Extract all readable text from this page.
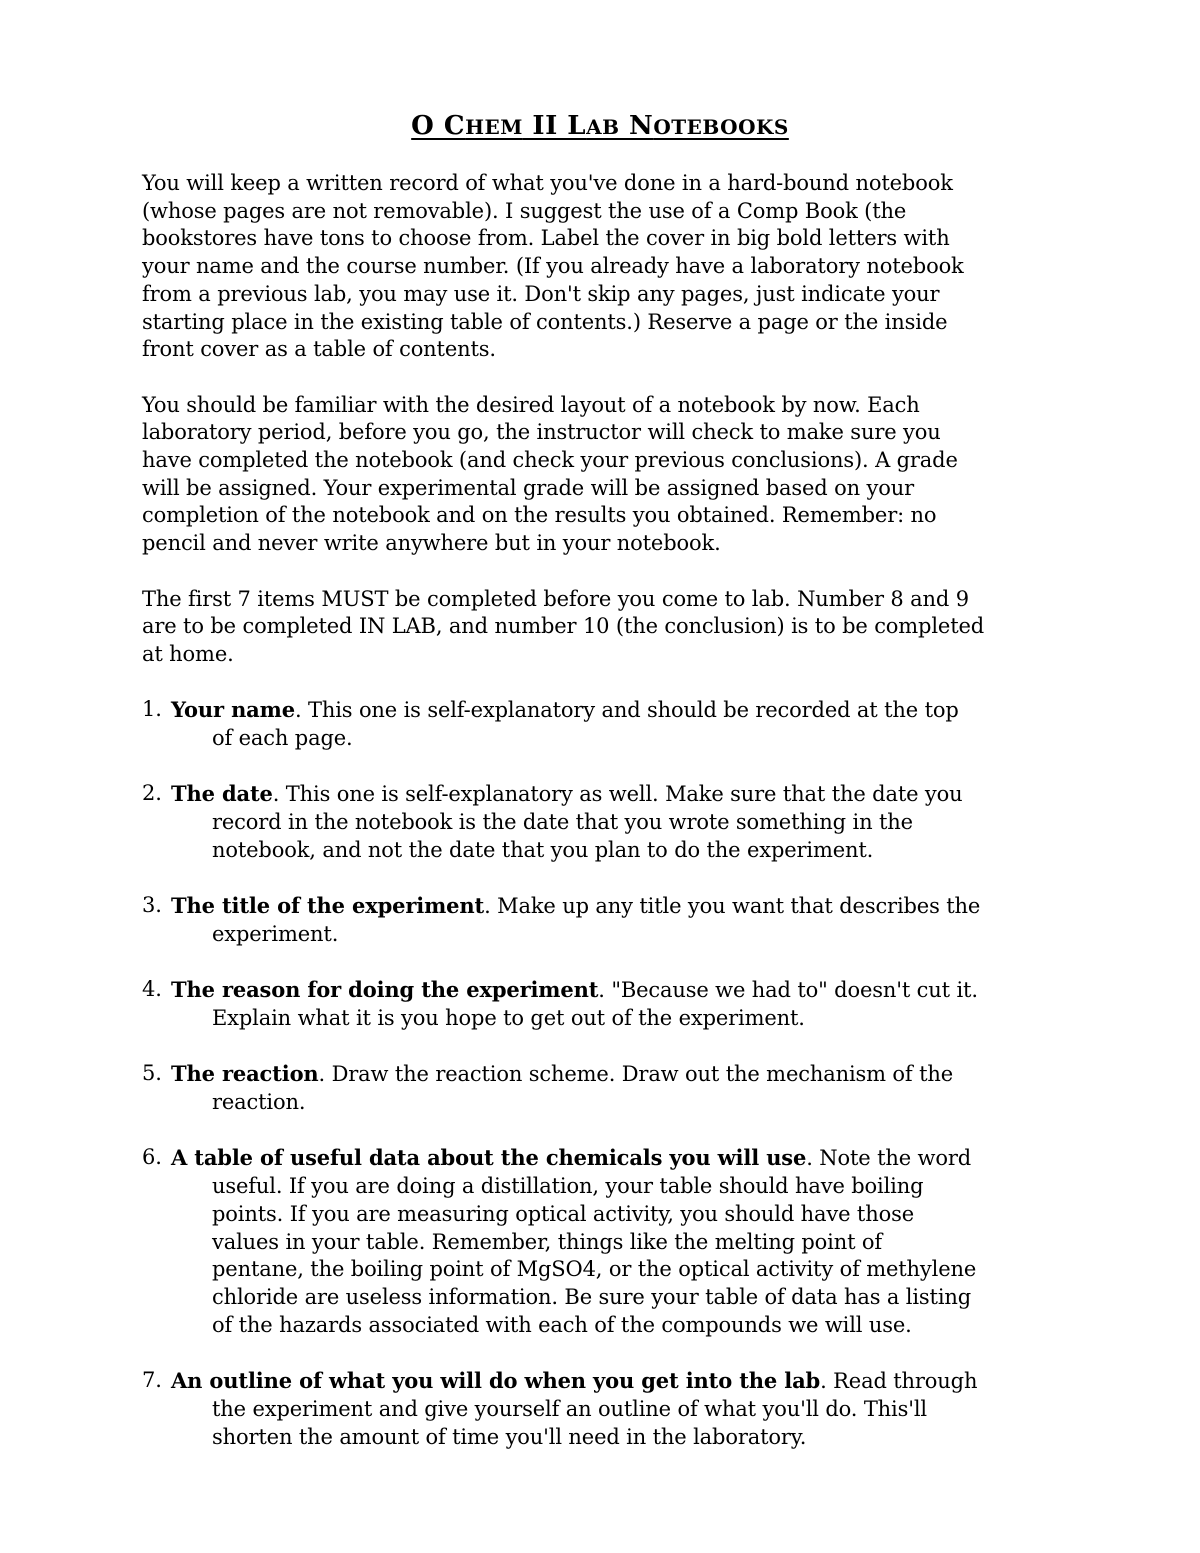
O CHEM II LAB NOTEBOOKS
You will keep a written record of what you've done in a hard-bound notebook
(whose pages are not removable). I suggest the use of a Comp Book (the
bookstores have tons to choose from. Label the cover in big bold letters with
your name and the course number. (If you already have a laboratory notebook
from a previous lab, you may use it. Don't skip any pages, just indicate your
starting place in the existing table of contents.) Reserve a page or the inside
front cover as a table of contents.
You should be familiar with the desired layout of a notebook by now. Each
laboratory period, before you go, the instructor will check to make sure you
have completed the notebook (and check your previous conclusions). A grade
will be assigned. Your experimental grade will be assigned based on your
completion of the notebook and on the results you obtained. Remember: no
pencil and never write anywhere but in your notebook.
The first 7 items MUST be completed before you come to lab. Number 8 and 9
are to be completed IN LAB, and number 10 (the conclusion) is to be completed
at home.
1. Your name. This one is self-explanatory and should be recorded at the top
of each page.
2. The date. This one is self-explanatory as well. Make sure that the date you
record in the notebook is the date that you wrote something in the
notebook, and not the date that you plan to do the experiment.
3. The title of the experiment. Make up any title you want that describes the
experiment.
4. The reason for doing the experiment. "Because we had to" doesn't cut it.
Explain what it is you hope to get out of the experiment.
5. The reaction. Draw the reaction scheme. Draw out the mechanism of the
reaction.
6. A table of useful data about the chemicals you will use. Note the word
useful. If you are doing a distillation, your table should have boiling
points. If you are measuring optical activity, you should have those
values in your table. Remember, things like the melting point of
pentane, the boiling point of MgSO4, or the optical activity of methylene
chloride are useless information. Be sure your table of data has a listing
of the hazards associated with each of the compounds we will use.
7. An outline of what you will do when you get into the lab. Read through
the experiment and give yourself an outline of what you'll do. This'll
shorten the amount of time you'll need in the laboratory.
